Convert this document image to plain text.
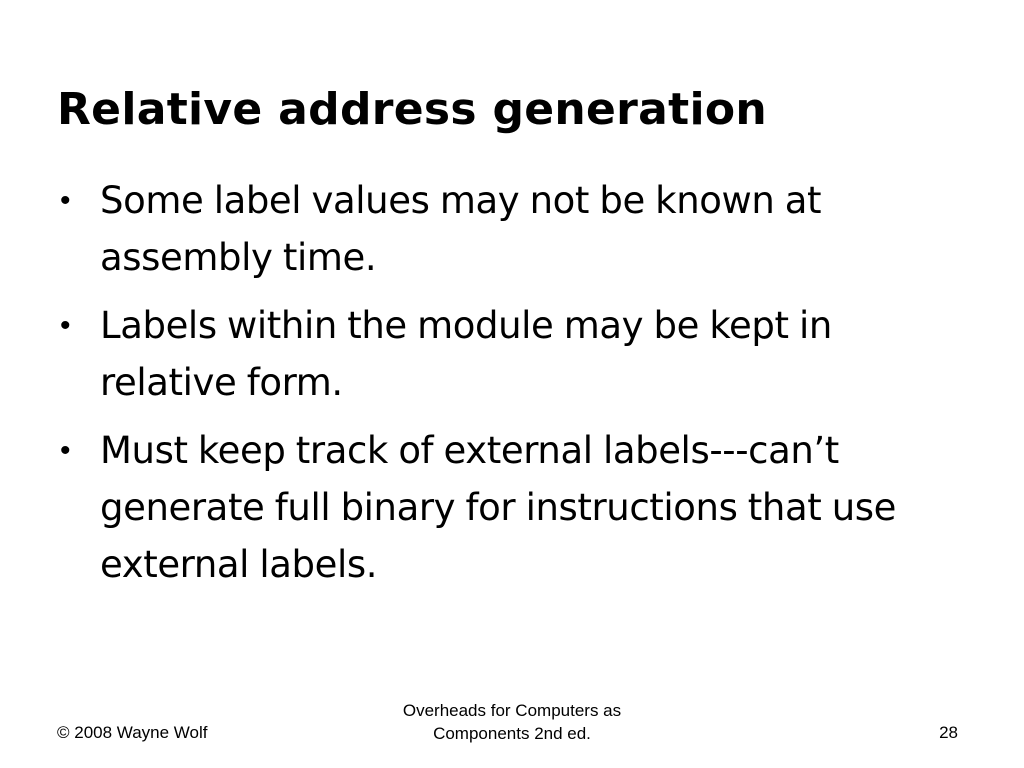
Relative address generation
• Some label values may not be known at assembly time.
• Labels within the module may be kept in relative form.
• Must keep track of external labels---can’t generate full binary for instructions that use external labels.
© 2008 Wayne Wolf
Overheads for Computers as
Components 2nd ed.	28
